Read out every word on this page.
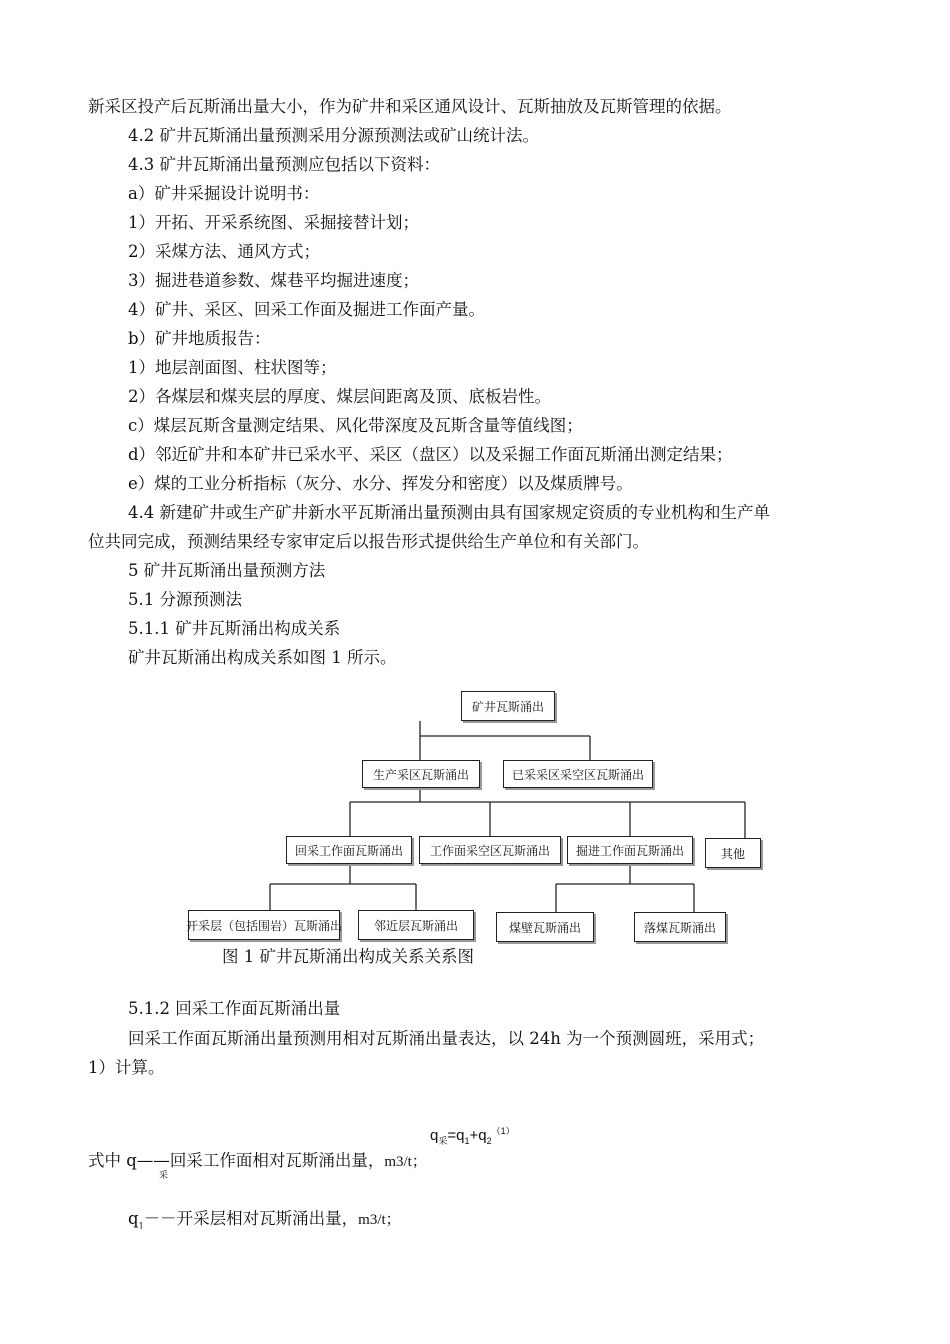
新采区投产后瓦斯涌出量大小，作为矿井和采区通风设计、瓦斯抽放及瓦斯管理的依据。
4.2 矿井瓦斯涌出量预测采用分源预测法或矿山统计法。
4.3 矿井瓦斯涌出量预测应包括以下资料：
a）矿井采掘设计说明书：
1）开拓、开采系统图、采掘接替计划；
2）采煤方法、通风方式；
3）掘进巷道参数、煤巷平均掘进速度；
4）矿井、采区、回采工作面及掘进工作面产量。
b）矿井地质报告：
1）地层剖面图、柱状图等；
2）各煤层和煤夹层的厚度、煤层间距离及顶、底板岩性。
c）煤层瓦斯含量测定结果、风化带深度及瓦斯含量等值线图；
d）邻近矿井和本矿井已采水平、采区（盘区）以及采掘工作面瓦斯涌出测定结果；
e）煤的工业分析指标（灰分、水分、挥发分和密度）以及煤质牌号。
4.4 新建矿井或生产矿井新水平瓦斯涌出量预测由具有国家规定资质的专业机构和生产单
位共同完成，预测结果经专家审定后以报告形式提供给生产单位和有关部门。
5 矿井瓦斯涌出量预测方法
5.1 分源预测法
5.1.1 矿井瓦斯涌出构成关系
矿井瓦斯涌出构成关系如图 1 所示。
矿井瓦斯涌出
生产采区瓦斯涌出	已采采区采空区瓦斯涌出
回采工作面瓦斯涌出	工作面采空区瓦斯涌出	掘进工作面瓦斯涌出	其他
开采层（包括围岩）瓦斯涌出	邻近层瓦斯涌出	煤壁瓦斯涌出	落煤瓦斯涌出
图 1 矿井瓦斯涌出构成关系关系图
5.1.2 回采工作面瓦斯涌出量
回采工作面瓦斯涌出量预测用相对瓦斯涌出量表达，以 24h 为一个预测圆班，采用式；
1）计算。
$q_采=q_1+q_2^{(1)}$
式中 q——回采工作面相对瓦斯涌出量，m3/t；
采
$q_1--$开采层相对瓦斯涌出量，m3/t；
